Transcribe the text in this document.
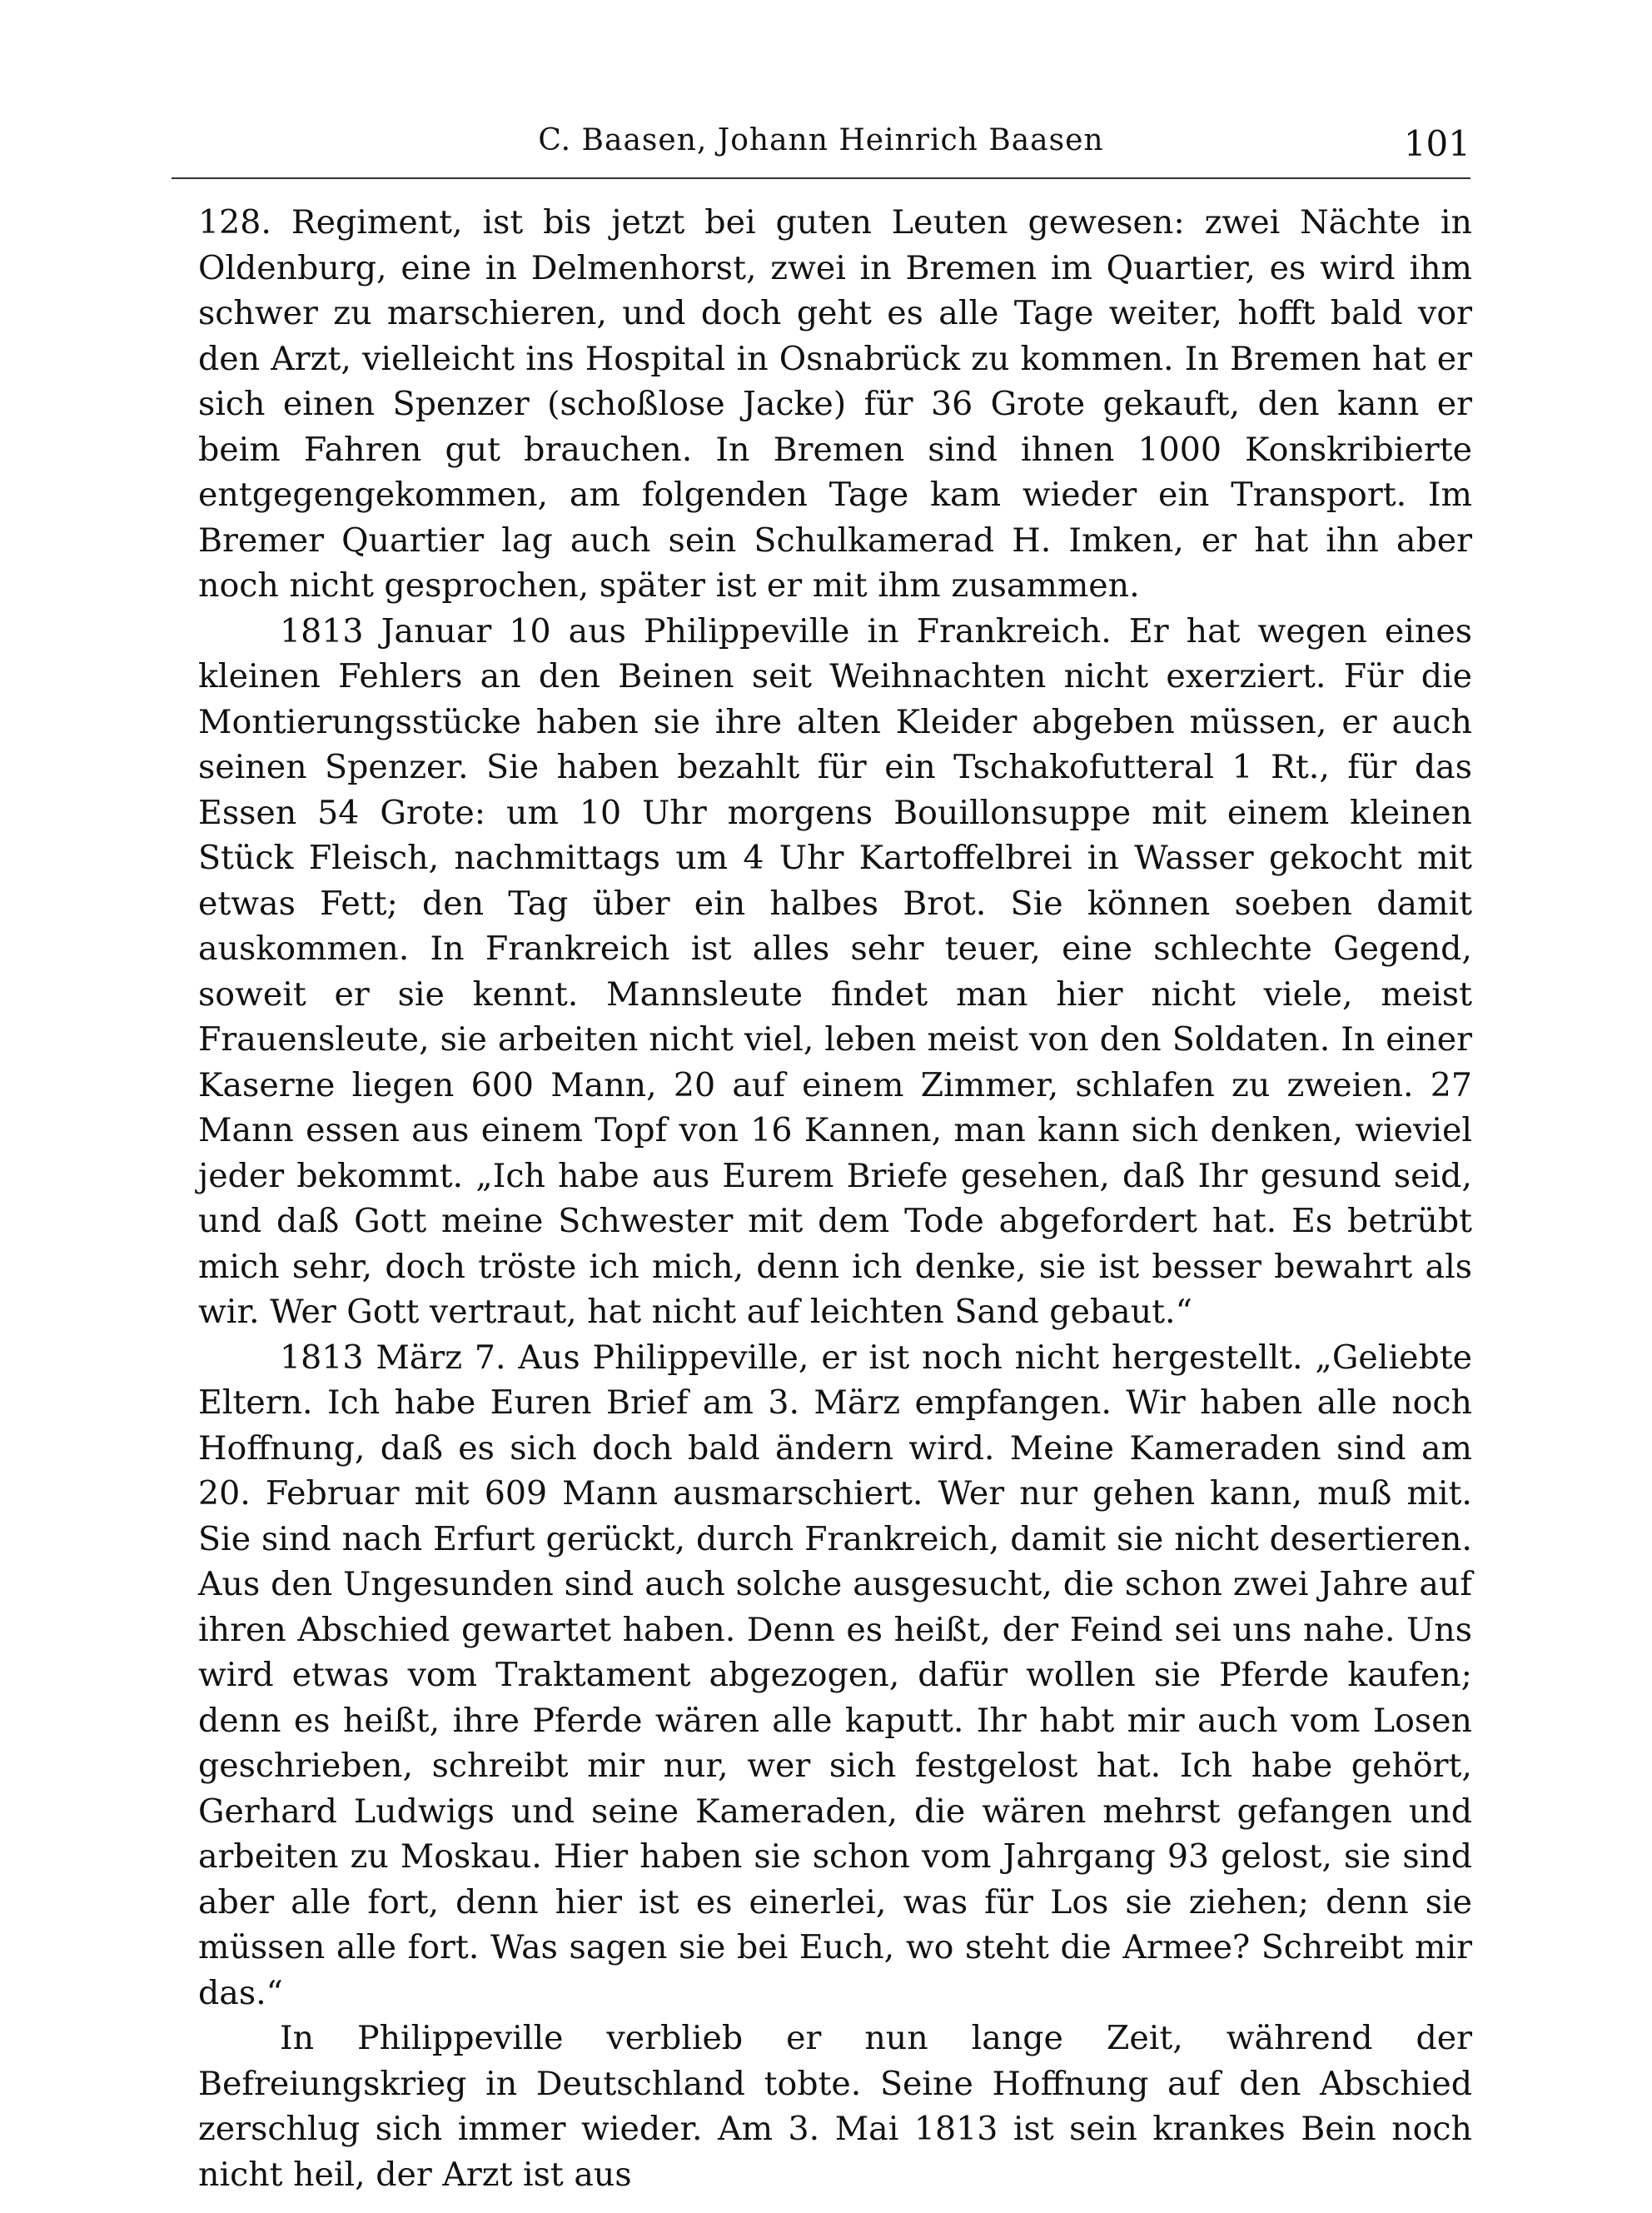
C. Baasen, Johann Heinrich Baasen	101

128. Regiment, ist bis jetzt bei guten Leuten gewesen: zwei Nächte in Oldenburg, eine in Delmenhorst, zwei in Bremen im Quartier, es wird ihm schwer zu marschieren, und doch geht es alle Tage weiter, hofft bald vor den Arzt, vielleicht ins Hospital in Osnabrück zu kommen. In Bremen hat er sich einen Spenzer (schoßlose Jacke) für 36 Grote gekauft, den kann er beim Fahren gut brauchen. In Bremen sind ihnen 1000 Konskribierte entgegengekommen, am folgenden Tage kam wieder ein Transport. Im Bremer Quartier lag auch sein Schulkamerad H. Imken, er hat ihn aber noch nicht gesprochen, später ist er mit ihm zusammen.

1813 Januar 10 aus Philippeville in Frankreich. Er hat wegen eines kleinen Fehlers an den Beinen seit Weihnachten nicht exerziert. Für die Montierungsstücke haben sie ihre alten Kleider abgeben müssen, er auch seinen Spenzer. Sie haben bezahlt für ein Tschakofutteral 1 Rt., für das Essen 54 Grote: um 10 Uhr morgens Bouillonsuppe mit einem kleinen Stück Fleisch, nachmittags um 4 Uhr Kartoffelbrei in Wasser gekocht mit etwas Fett; den Tag über ein halbes Brot. Sie können soeben damit auskommen. In Frankreich ist alles sehr teuer, eine schlechte Gegend, soweit er sie kennt. Mannsleute findet man hier nicht viele, meist Frauensleute, sie arbeiten nicht viel, leben meist von den Soldaten. In einer Kaserne liegen 600 Mann, 20 auf einem Zimmer, schlafen zu zweien. 27 Mann essen aus einem Topf von 16 Kannen, man kann sich denken, wieviel jeder bekommt. „Ich habe aus Eurem Briefe gesehen, daß Ihr gesund seid, und daß Gott meine Schwester mit dem Tode abgefordert hat. Es betrübt mich sehr, doch tröste ich mich, denn ich denke, sie ist besser bewahrt als wir. Wer Gott vertraut, hat nicht auf leichten Sand gebaut.“

1813 März 7. Aus Philippeville, er ist noch nicht hergestellt. „Geliebte Eltern. Ich habe Euren Brief am 3. März empfangen. Wir haben alle noch Hoffnung, daß es sich doch bald ändern wird. Meine Kameraden sind am 20. Februar mit 609 Mann ausmarschiert. Wer nur gehen kann, muß mit. Sie sind nach Erfurt gerückt, durch Frankreich, damit sie nicht desertieren. Aus den Ungesunden sind auch solche ausgesucht, die schon zwei Jahre auf ihren Abschied gewartet haben. Denn es heißt, der Feind sei uns nahe. Uns wird etwas vom Traktament abgezogen, dafür wollen sie Pferde kaufen; denn es heißt, ihre Pferde wären alle kaputt. Ihr habt mir auch vom Losen geschrieben, schreibt mir nur, wer sich festgelost hat. Ich habe gehört, Gerhard Ludwigs und seine Kameraden, die wären mehrst gefangen und arbeiten zu Moskau. Hier haben sie schon vom Jahrgang 93 gelost, sie sind aber alle fort, denn hier ist es einerlei, was für Los sie ziehen; denn sie müssen alle fort. Was sagen sie bei Euch, wo steht die Armee? Schreibt mir das.“

In Philippeville verblieb er nun lange Zeit, während der Befreiungskrieg in Deutschland tobte. Seine Hoffnung auf den Abschied zerschlug sich immer wieder. Am 3. Mai 1813 ist sein krankes Bein noch nicht heil, der Arzt ist aus
